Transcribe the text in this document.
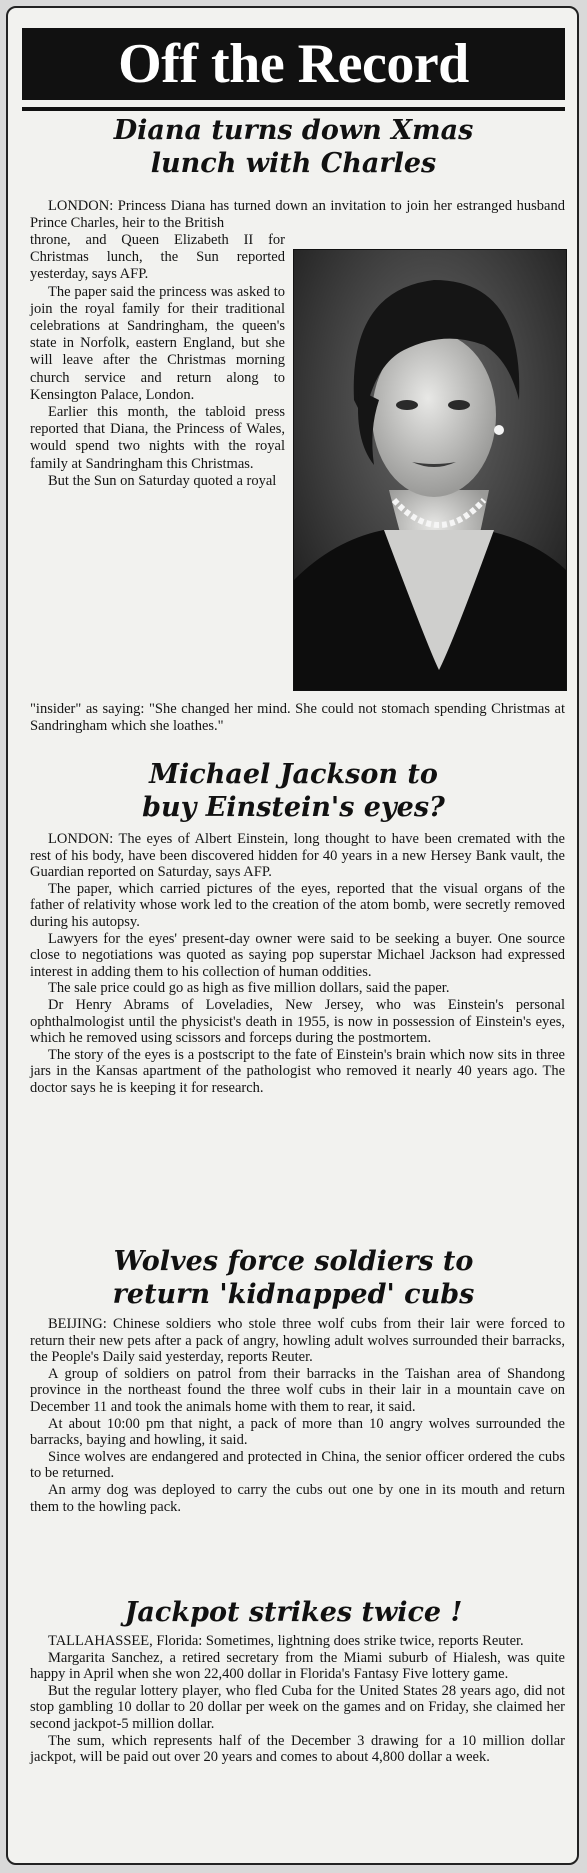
Off the Record
Diana turns down Xmas
lunch with Charles

LONDON: Princess Diana has turned down an invitation to join her estranged husband Prince Charles, heir to the British

throne, and Queen Elizabeth II for Christmas lunch, the Sun reported yesterday, says AFP.

The paper said the princess was asked to join the royal family for their traditional celebrations at Sandringham, the queen's state in Norfolk, eastern England, but she will leave after the Christmas morning church service and return along to Kensington Palace, London.

Earlier this month, the tabloid press reported that Diana, the Princess of Wales, would spend two nights with the royal family at Sandringham this Christmas.

But the Sun on Saturday quoted a royal

"insider" as saying: "She changed her mind. She could not stomach spending Christmas at Sandringham which she loathes."

Michael Jackson to
buy Einstein's eyes?

LONDON: The eyes of Albert Einstein, long thought to have been cremated with the rest of his body, have been discovered hidden for 40 years in a new Hersey Bank vault, the Guardian reported on Saturday, says AFP.

The paper, which carried pictures of the eyes, reported that the visual organs of the father of relativity whose work led to the creation of the atom bomb, were secretly removed during his autopsy.

Lawyers for the eyes' present-day owner were said to be seeking a buyer. One source close to negotiations was quoted as saying pop superstar Michael Jackson had expressed interest in adding them to his collection of human oddities.

The sale price could go as high as five million dollars, said the paper.

Dr Henry Abrams of Loveladies, New Jersey, who was Einstein's personal ophthalmologist until the physicist's death in 1955, is now in possession of Einstein's eyes, which he removed using scissors and forceps during the postmortem.

The story of the eyes is a postscript to the fate of Einstein's brain which now sits in three jars in the Kansas apartment of the pathologist who removed it nearly 40 years ago. The doctor says he is keeping it for research.

Wolves force soldiers to
return 'kidnapped' cubs

BEIJING: Chinese soldiers who stole three wolf cubs from their lair were forced to return their new pets after a pack of angry, howling adult wolves surrounded their barracks, the People's Daily said yesterday, reports Reuter.

A group of soldiers on patrol from their barracks in the Taishan area of Shandong province in the northeast found the three wolf cubs in their lair in a mountain cave on December 11 and took the animals home with them to rear, it said.

At about 10:00 pm that night, a pack of more than 10 angry wolves surrounded the barracks, baying and howling, it said.

Since wolves are endangered and protected in China, the senior officer ordered the cubs to be returned.

An army dog was deployed to carry the cubs out one by one in its mouth and return them to the howling pack.

Jackpot strikes twice !

TALLAHASSEE, Florida: Sometimes, lightning does strike twice, reports Reuter.

Margarita Sanchez, a retired secretary from the Miami suburb of Hialesh, was quite happy in April when she won 22,400 dollar in Florida's Fantasy Five lottery game.

But the regular lottery player, who fled Cuba for the United States 28 years ago, did not stop gambling 10 dollar to 20 dollar per week on the games and on Friday, she claimed her second jackpot-5 million dollar.

The sum, which represents half of the December 3 drawing for a 10 million dollar jackpot, will be paid out over 20 years and comes to about 4,800 dollar a week.
